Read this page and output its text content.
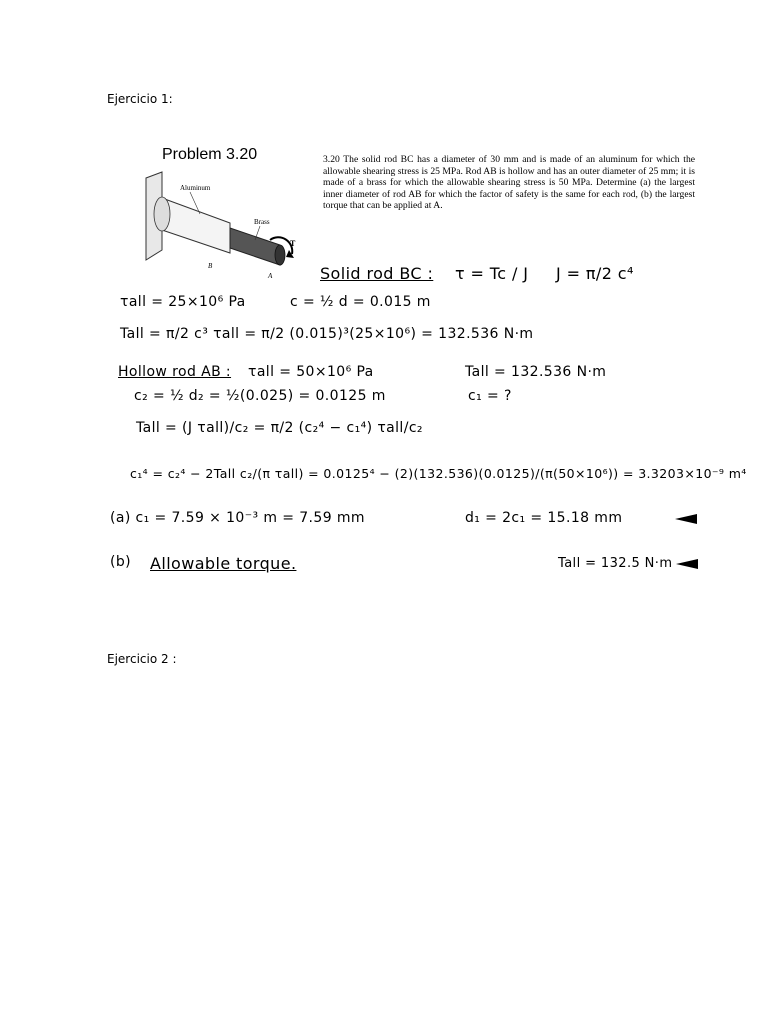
Ejercicio 1:
Problem 3.20
Aluminum
Brass
B
A
T
3.20 The solid rod BC has a diameter of 30 mm and is made of an aluminum for which the allowable shearing stress is 25 MPa. Rod AB is hollow and has an outer diameter of 25 mm; it is made of a brass for which the allowable shearing stress is 50 MPa. Determine (a) the largest inner diameter of rod AB for which the factor of safety is the same for each rod, (b) the largest torque that can be applied at A.
Solid rod BC : τ = Tc / J J = π/2 c⁴
τall = 25×10⁶ Pa	c = ½ d = 0.015 m
Tall = π/2 c³ τall = π/2 (0.015)³(25×10⁶) = 132.536 N·m
Hollow rod AB : τall = 50×10⁶ Pa	Tall = 132.536 N·m
c₂ = ½ d₂ = ½(0.025) = 0.0125 m	c₁ = ?
Tall = (J τall)/c₂ = π/2 (c₂⁴ − c₁⁴) τall/c₂
c₁⁴ = c₂⁴ − 2Tall c₂/(π τall) = 0.0125⁴ − (2)(132.536)(0.0125)/(π(50×10⁶)) = 3.3203×10⁻⁹ m⁴
(a) c₁ = 7.59 × 10⁻³ m = 7.59 mm	d₁ = 2c₁ = 15.18 mm
(b) Allowable torque.	Tall = 132.5 N·m
Ejercicio 2 :
